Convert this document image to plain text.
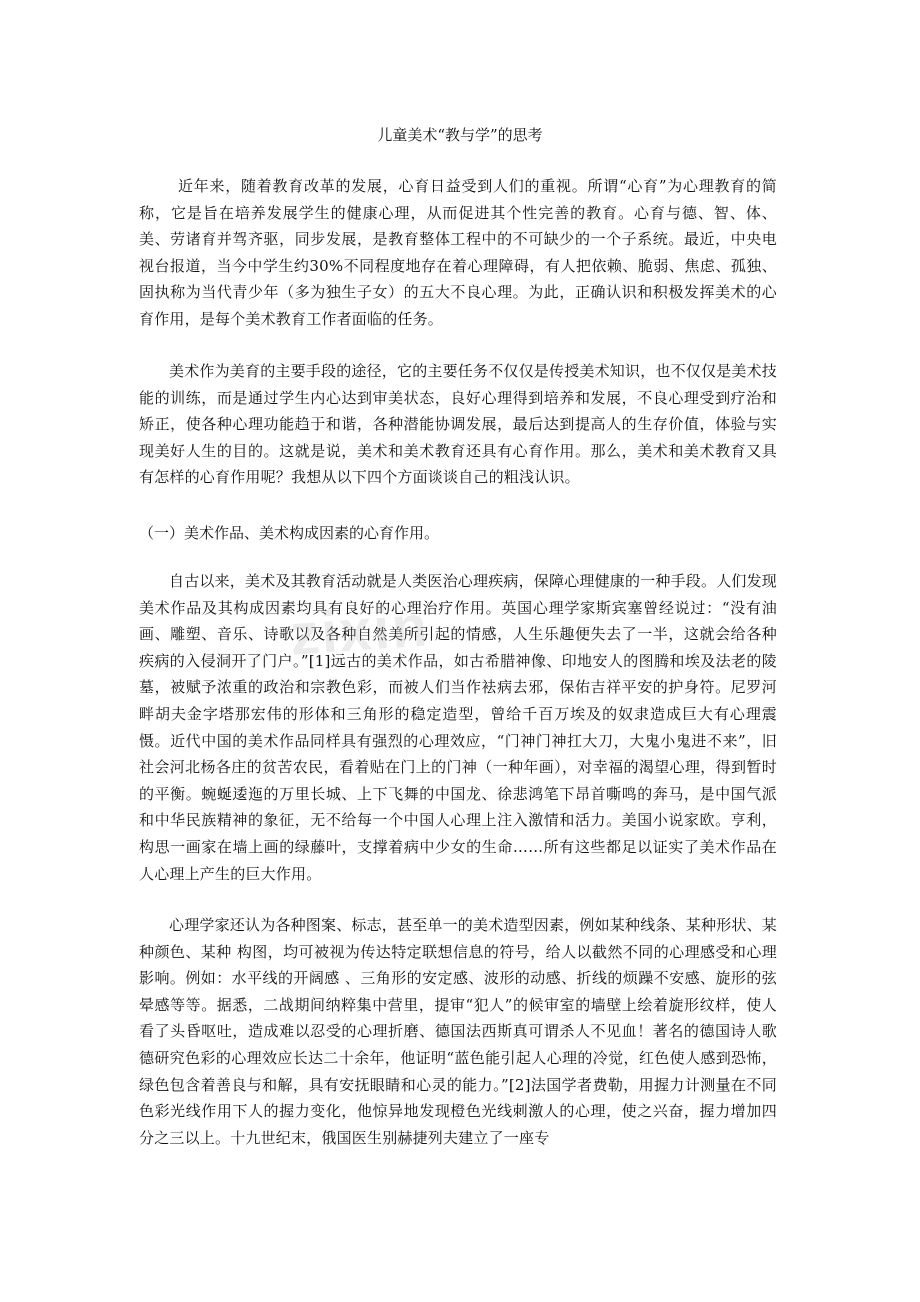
儿童美术“教与学”的思考

近年来，随着教育改革的发展，心育日益受到人们的重视。所谓“心育”为心理教育的简称，它是旨在培养发展学生的健康心理，从而促进其个性完善的教育。心育与德、智、体、美、劳诸育并驾齐驱，同步发展，是教育整体工程中的不可缺少的一个子系统。最近，中央电视台报道，当今中学生约30%不同程度地存在着心理障碍，有人把依赖、脆弱、焦虑、孤独、固执称为当代青少年（多为独生子女）的五大不良心理。为此，正确认识和积极发挥美术的心育作用，是每个美术教育工作者面临的任务。

美术作为美育的主要手段的途径，它的主要任务不仅仅是传授美术知识，也不仅仅是美术技能的训练，而是通过学生内心达到审美状态，良好心理得到培养和发展，不良心理受到疗治和矫正，使各种心理功能趋于和谐，各种潜能协调发展，最后达到提高人的生存价值，体验与实现美好人生的目的。这就是说，美术和美术教育还具有心育作用。那么，美术和美术教育又具有怎样的心育作用呢？我想从以下四个方面谈谈自己的粗浅认识。

（一）美术作品、美术构成因素的心育作用。

自古以来，美术及其教育活动就是人类医治心理疾病，保障心理健康的一种手段。人们发现美术作品及其构成因素均具有良好的心理治疗作用。英国心理学家斯宾塞曾经说过：“没有油画、雕塑、音乐、诗歌以及各种自然美所引起的情感，人生乐趣便失去了一半，这就会给各种疾病的入侵洞开了门户。”[1]远古的美术作品，如古希腊神像、印地安人的图腾和埃及法老的陵墓，被赋予浓重的政治和宗教色彩，而被人们当作袪病去邪，保佑吉祥平安的护身符。尼罗河畔胡夫金字塔那宏伟的形体和三角形的稳定造型，曾给千百万埃及的奴隶造成巨大有心理震慑。近代中国的美术作品同样具有强烈的心理效应，“门神门神扛大刀，大鬼小鬼进不来”，旧社会河北杨各庄的贫苦农民，看着贴在门上的门神（一种年画），对幸福的渴望心理，得到暂时的平衡。蜿蜒逶迤的万里长城、上下飞舞的中国龙、徐悲鸿笔下昂首嘶鸣的奔马，是中国气派和中华民族精神的象征，无不给每一个中国人心理上注入激情和活力。美国小说家欧。亨利，构思一画家在墙上画的绿藤叶，支撑着病中少女的生命……所有这些都足以证实了美术作品在人心理上产生的巨大作用。

心理学家还认为各种图案、标志，甚至单一的美术造型因素，例如某种线条、某种形状、某种颜色、某种 构图，均可被视为传达特定联想信息的符号，给人以截然不同的心理感受和心理影响。例如：水平线的开阔感 、三角形的安定感、波形的动感、折线的烦躁不安感、旋形的弦晕感等等。据悉，二战期间纳粹集中营里，提审“犯人”的候审室的墙壁上绘着旋形纹样，使人看了头昏呕吐，造成难以忍受的心理折磨、德国法西斯真可谓杀人不见血！著名的德国诗人歌德研究色彩的心理效应长达二十余年，他证明“蓝色能引起人心理的冷觉，红色使人感到恐怖，绿色包含着善良与和解，具有安抚眼睛和心灵的能力。”[2]法国学者费勒，用握力计测量在不同色彩光线作用下人的握力变化，他惊异地发现橙色光线刺激人的心理，使之兴奋，握力增加四分之三以上。十九世纪末，俄国医生别赫捷列夫建立了一座专

zixin
